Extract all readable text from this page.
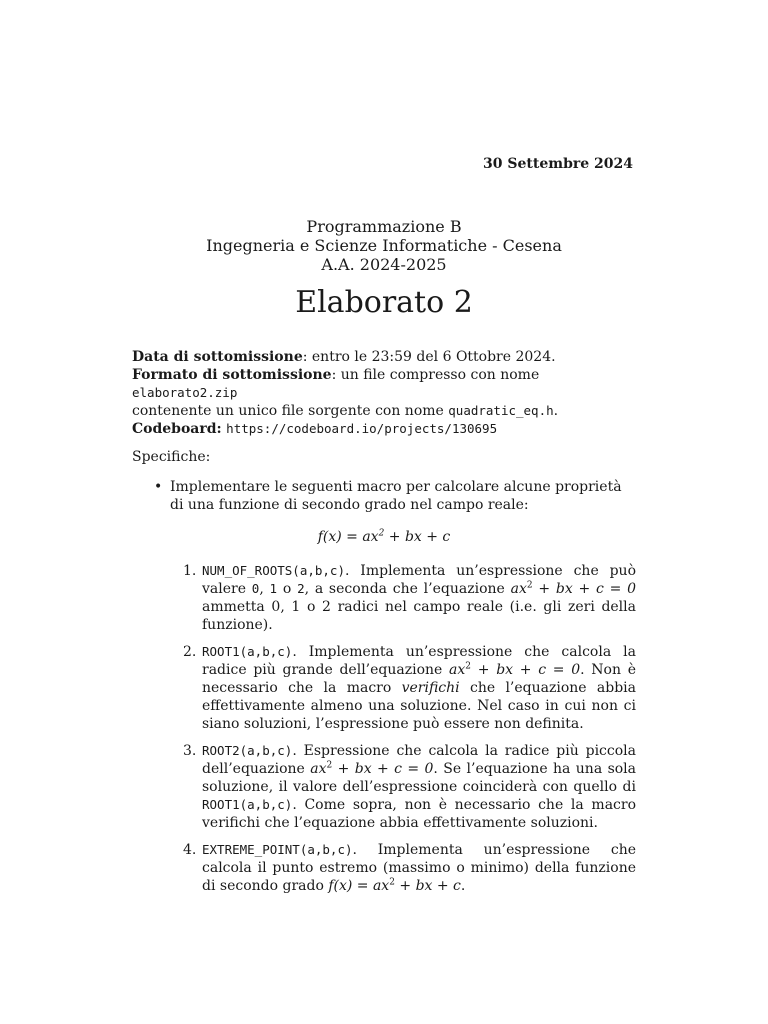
30 Settembre 2024
Programmazione B
Ingegneria e Scienze Informatiche - Cesena
A.A. 2024-2025
Elaborato 2
Data di sottomissione: entro le 23:59 del 6 Ottobre 2024.
Formato di sottomissione: un file compresso con nome elaborato2.zip
contenente un unico file sorgente con nome quadratic_eq.h.
Codeboard: https://codeboard.io/projects/130695
Specifiche:
• Implementare le seguenti macro per calcolare alcune proprietà di una funzione di secondo grado nel campo reale:
$f(x) = ax^2$ + bx + c
1. NUM_OF_ROOTS(a,b,c). Implementa un’espressione che può valere 0, 1 o 2, a seconda che l’equazione $ax^2$ + bx + c = 0 ammetta 0, 1 o 2 radici nel campo reale (i.e. gli zeri della funzione).
2. ROOT1(a,b,c). Implementa un’espressione che calcola la radice più grande dell’equazione $ax^2$ + bx + c = 0. Non è necessario che la macro verifichi che l’equazione abbia effettivamente almeno una soluzione. Nel caso in cui non ci siano soluzioni, l’espressione può essere non definita.
3. ROOT2(a,b,c). Espressione che calcola la radice più piccola dell’equazione $ax^2$ + bx + c = 0. Se l’equazione ha una sola soluzione, il valore dell’espressione coinciderà con quello di ROOT1(a,b,c). Come sopra, non è necessario che la macro verifichi che l’equazione abbia effettivamente soluzioni.
4. EXTREME_POINT(a,b,c). Implementa un’espressione che calcola il punto estremo (massimo o minimo) della funzione di secondo grado $f(x) = ax^2$ + bx + c.
